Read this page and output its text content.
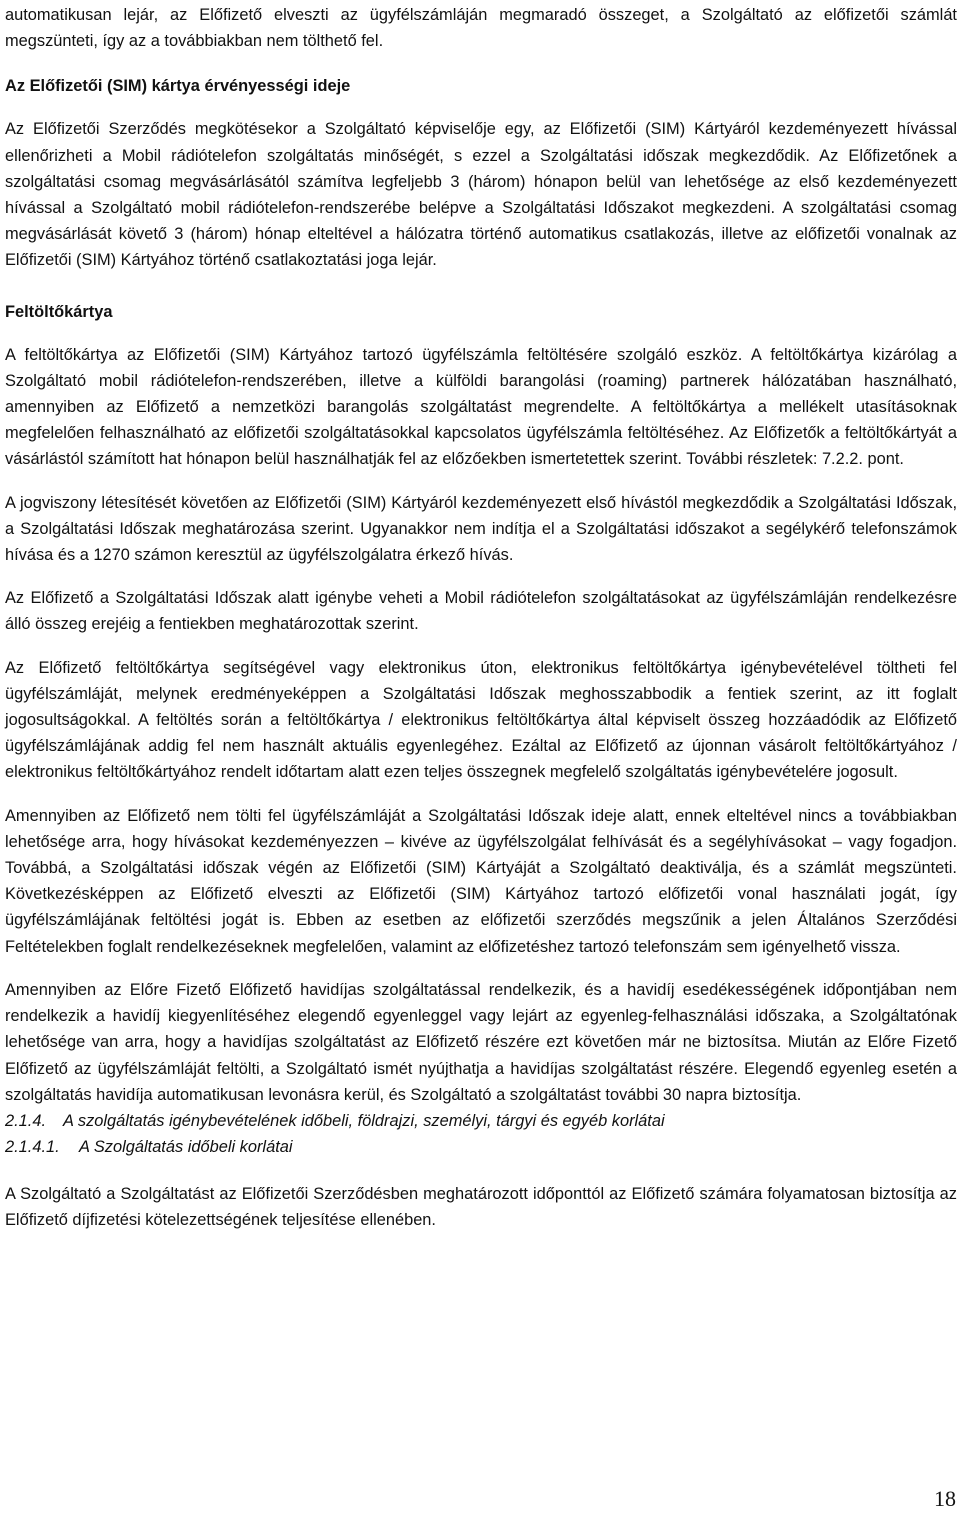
automatikusan lejár, az Előfizető elveszti az ügyfélszámláján megmaradó összeget, a Szolgáltató az előfizetői számlát megszünteti, így az a továbbiakban nem tölthető fel.

Az Előfizetői (SIM) kártya érvényességi ideje

Az Előfizetői Szerződés megkötésekor a Szolgáltató képviselője egy, az Előfizetői (SIM) Kártyáról kezdeményezett hívással ellenőrizheti a Mobil rádiótelefon szolgáltatás minőségét, s ezzel a Szolgáltatási időszak megkezdődik. Az Előfizetőnek a szolgáltatási csomag megvásárlásától számítva legfeljebb 3 (három) hónapon belül van lehetősége az első kezdeményezett hívással a Szolgáltató mobil rádiótelefon-rendszerébe belépve a Szolgáltatási Időszakot megkezdeni. A szolgáltatási csomag megvásárlását követő 3 (három) hónap elteltével a hálózatra történő automatikus csatlakozás, illetve az előfizetői vonalnak az Előfizetői (SIM) Kártyához történő csatlakoztatási joga lejár.

Feltöltőkártya

A feltöltőkártya az Előfizetői (SIM) Kártyához tartozó ügyfélszámla feltöltésére szolgáló eszköz. A feltöltőkártya kizárólag a Szolgáltató mobil rádiótelefon-rendszerében, illetve a külföldi barangolási (roaming) partnerek hálózatában használható, amennyiben az Előfizető a nemzetközi barangolás szolgáltatást megrendelte. A feltöltőkártya a mellékelt utasításoknak megfelelően felhasználható az előfizetői szolgáltatásokkal kapcsolatos ügyfélszámla feltöltéséhez. Az Előfizetők a feltöltőkártyát a vásárlástól számított hat hónapon belül használhatják fel az előzőekben ismertetettek szerint. További részletek: 7.2.2. pont.

A jogviszony létesítését követően az Előfizetői (SIM) Kártyáról kezdeményezett első hívástól megkezdődik a Szolgáltatási Időszak, a Szolgáltatási Időszak meghatározása szerint. Ugyanakkor nem indítja el a Szolgáltatási időszakot a segélykérő telefonszámok hívása és a 1270 számon keresztül az ügyfélszolgálatra érkező hívás.

Az Előfizető a Szolgáltatási Időszak alatt igénybe veheti a Mobil rádiótelefon szolgáltatásokat az ügyfélszámláján rendelkezésre álló összeg erejéig a fentiekben meghatározottak szerint.

Az Előfizető feltöltőkártya segítségével vagy elektronikus úton, elektronikus feltöltőkártya igénybevételével töltheti fel ügyfélszámláját, melynek eredményeképpen a Szolgáltatási Időszak meghosszabbodik a fentiek szerint, az itt foglalt jogosultságokkal. A feltöltés során a feltöltőkártya / elektronikus feltöltőkártya által képviselt összeg hozzáadódik az Előfizető ügyfélszámlájának addig fel nem használt aktuális egyenlegéhez. Ezáltal az Előfizető az újonnan vásárolt feltöltőkártyához / elektronikus feltöltőkártyához rendelt időtartam alatt ezen teljes összegnek megfelelő szolgáltatás igénybevételére jogosult.

Amennyiben az Előfizető nem tölti fel ügyfélszámláját a Szolgáltatási Időszak ideje alatt, ennek elteltével nincs a továbbiakban lehetősége arra, hogy hívásokat kezdeményezzen – kivéve az ügyfélszolgálat felhívását és a segélyhívásokat – vagy fogadjon. Továbbá, a Szolgáltatási időszak végén az Előfizetői (SIM) Kártyáját a Szolgáltató deaktiválja, és a számlát megszünteti. Következésképpen az Előfizető elveszti az Előfizetői (SIM) Kártyához tartozó előfizetői vonal használati jogát, így ügyfélszámlájának feltöltési jogát is. Ebben az esetben az előfizetői szerződés megszűnik a jelen Általános Szerződési Feltételekben foglalt rendelkezéseknek megfelelően, valamint az előfizetéshez tartozó telefonszám sem igényelhető vissza.

Amennyiben az Előre Fizető Előfizető havidíjas szolgáltatással rendelkezik, és a havidíj esedékességének időpontjában nem rendelkezik a havidíj kiegyenlítéséhez elegendő egyenleggel vagy lejárt az egyenleg-felhasználási időszaka, a Szolgáltatónak lehetősége van arra, hogy a havidíjas szolgáltatást az Előfizető részére ezt követően már ne biztosítsa. Miután az Előre Fizető Előfizető az ügyfélszámláját feltölti, a Szolgáltató ismét nyújthatja a havidíjas szolgáltatást részére. Elegendő egyenleg esetén a szolgáltatás havidíja automatikusan levonásra kerül, és Szolgáltató a szolgáltatást további 30 napra biztosítja.

2.1.4.	A szolgáltatás igénybevételének időbeli, földrajzi, személyi, tárgyi és egyéb korlátai
2.1.4.1.	A Szolgáltatás időbeli korlátai

A Szolgáltató a Szolgáltatást az Előfizetői Szerződésben meghatározott időponttól az Előfizető számára folyamatosan biztosítja az Előfizető díjfizetési kötelezettségének teljesítése ellenében.

18
